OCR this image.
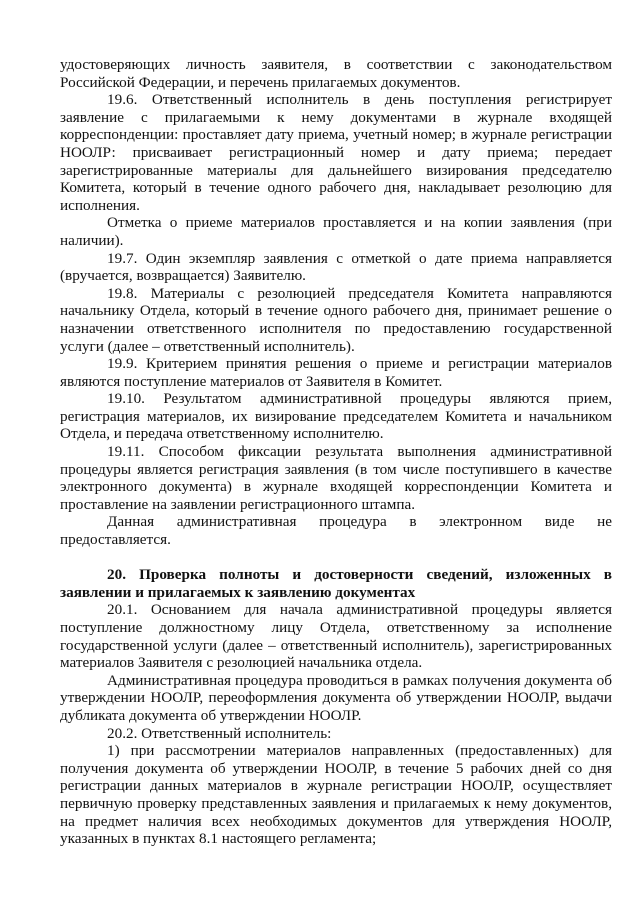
удостоверяющих личность заявителя, в соответствии с законодательством Российской Федерации, и перечень прилагаемых документов.

19.6. Ответственный исполнитель в день поступления регистрирует заявление с прилагаемыми к нему документами в журнале входящей корреспонденции: проставляет дату приема, учетный номер; в журнале регистрации НООЛР: присваивает регистрационный номер и дату приема; передает зарегистрированные материалы для дальнейшего визирования председателю Комитета, который в течение одного рабочего дня, накладывает резолюцию для исполнения.

Отметка о приеме материалов проставляется и на копии заявления (при наличии).

19.7. Один экземпляр заявления с отметкой о дате приема направляется (вручается, возвращается) Заявителю.

19.8. Материалы с резолюцией председателя Комитета направляются начальнику Отдела, который в течение одного рабочего дня, принимает решение о назначении ответственного исполнителя по предоставлению государственной услуги (далее – ответственный исполнитель).

19.9. Критерием принятия решения о приеме и регистрации материалов являются поступление материалов от Заявителя в Комитет.

19.10. Результатом административной процедуры являются прием, регистрация материалов, их визирование председателем Комитета и начальником Отдела, и передача ответственному исполнителю.

19.11. Способом фиксации результата выполнения административной процедуры является регистрация заявления (в том числе поступившего в качестве электронного документа) в журнале входящей корреспонденции Комитета и проставление на заявлении регистрационного штампа.

Данная административная процедура в электронном виде не предоставляется.

20. Проверка полноты и достоверности сведений, изложенных в заявлении и прилагаемых к заявлению документах

20.1. Основанием для начала административной процедуры является поступление должностному лицу Отдела, ответственному за исполнение государственной услуги (далее – ответственный исполнитель), зарегистрированных материалов Заявителя с резолюцией начальника отдела.

Административная процедура проводиться в рамках получения документа об утверждении НООЛР, переоформления документа об утверждении НООЛР, выдачи дубликата документа об утверждении НООЛР.

20.2. Ответственный исполнитель:

1) при рассмотрении материалов направленных (предоставленных) для получения документа об утверждении НООЛР, в течение 5 рабочих дней со дня регистрации данных материалов в журнале регистрации НООЛР, осуществляет первичную проверку представленных заявления и прилагаемых к нему документов, на предмет наличия всех необходимых документов для утверждения НООЛР, указанных в пунктах 8.1 настоящего регламента;
